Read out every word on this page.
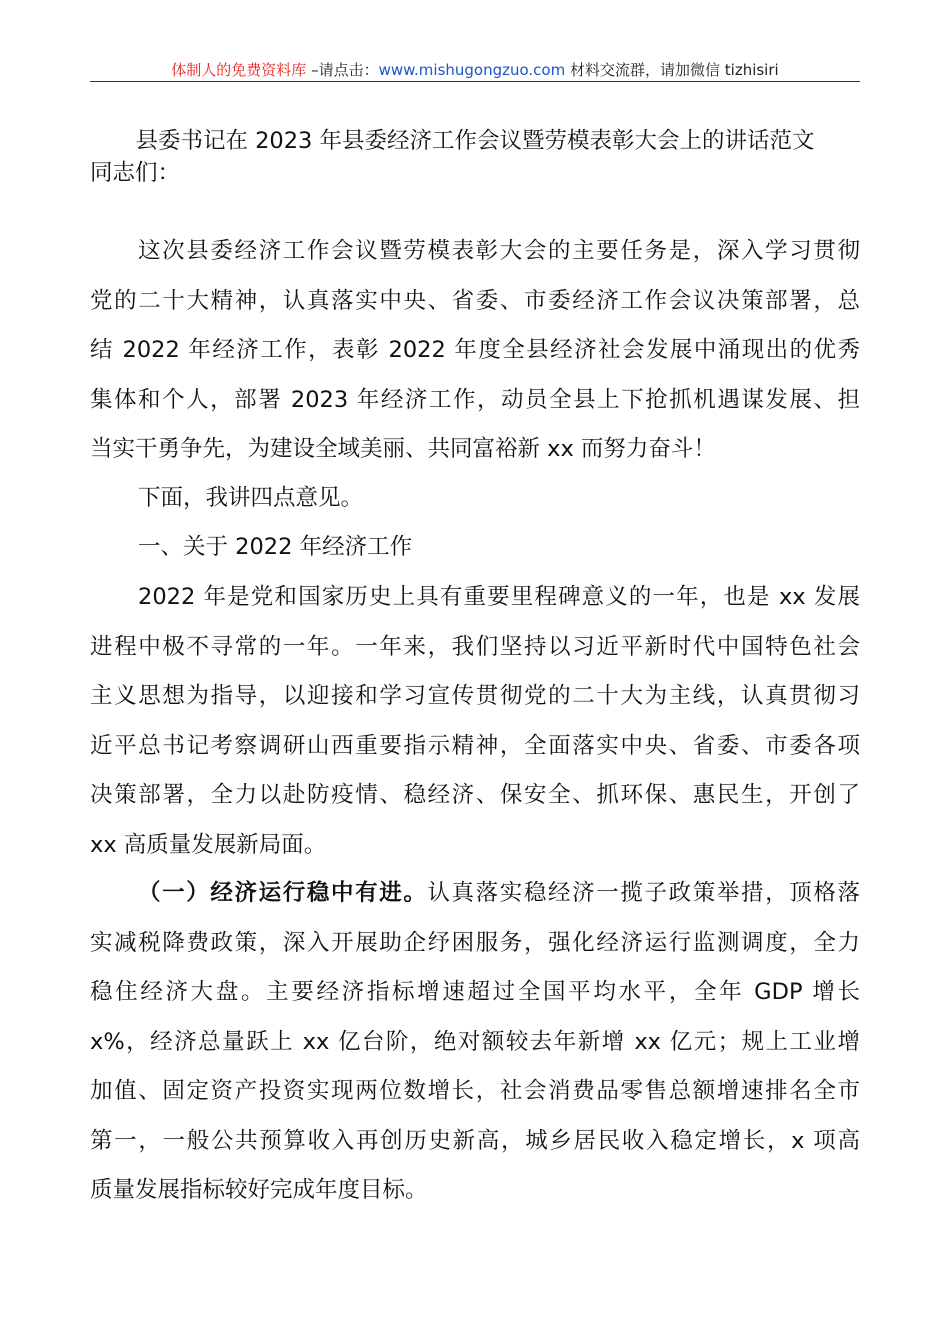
体制人的免费资料库 –请点击：www.mishugongzuo.com 材料交流群，请加微信 tizhisiri
县委书记在 2023 年县委经济工作会议暨劳模表彰大会上的讲话范文
同志们：
这次县委经济工作会议暨劳模表彰大会的主要任务是，深入学习贯彻
党的二十大精神，认真落实中央、省委、市委经济工作会议决策部署，总
结 2022 年经济工作，表彰 2022 年度全县经济社会发展中涌现出的优秀
集体和个人，部署 2023 年经济工作，动员全县上下抢抓机遇谋发展、担
当实干勇争先，为建设全域美丽、共同富裕新 xx 而努力奋斗！
下面，我讲四点意见。
一、关于 2022 年经济工作
2022 年是党和国家历史上具有重要里程碑意义的一年，也是 xx 发展
进程中极不寻常的一年。一年来，我们坚持以习近平新时代中国特色社会
主义思想为指导，以迎接和学习宣传贯彻党的二十大为主线，认真贯彻习
近平总书记考察调研山西重要指示精神，全面落实中央、省委、市委各项
决策部署，全力以赴防疫情、稳经济、保安全、抓环保、惠民生，开创了
xx 高质量发展新局面。
（一）经济运行稳中有进。认真落实稳经济一揽子政策举措，顶格落
实减税降费政策，深入开展助企纾困服务，强化经济运行监测调度，全力
稳住经济大盘。主要经济指标增速超过全国平均水平，全年 GDP 增长
x%，经济总量跃上 xx 亿台阶，绝对额较去年新增 xx 亿元；规上工业增
加值、固定资产投资实现两位数增长，社会消费品零售总额增速排名全市
第一，一般公共预算收入再创历史新高，城乡居民收入稳定增长，x 项高
质量发展指标较好完成年度目标。
